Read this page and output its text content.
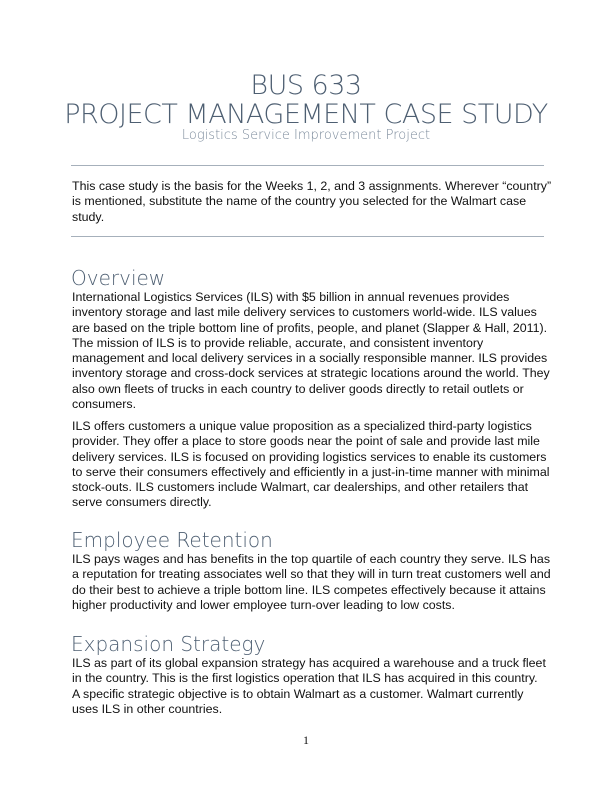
BUS 633
PROJECT MANAGEMENT CASE STUDY
Logistics Service Improvement Project
This case study is the basis for the Weeks 1, 2, and 3 assignments. Wherever “country”
is mentioned, substitute the name of the country you selected for the Walmart case
study.
Overview
International Logistics Services (ILS) with $5 billion in annual revenues provides
inventory storage and last mile delivery services to customers world-wide. ILS values
are based on the triple bottom line of profits, people, and planet (Slapper & Hall, 2011).
The mission of ILS is to provide reliable, accurate, and consistent inventory
management and local delivery services in a socially responsible manner. ILS provides
inventory storage and cross-dock services at strategic locations around the world. They
also own fleets of trucks in each country to deliver goods directly to retail outlets or
consumers.
ILS offers customers a unique value proposition as a specialized third-party logistics
provider. They offer a place to store goods near the point of sale and provide last mile
delivery services. ILS is focused on providing logistics services to enable its customers
to serve their consumers effectively and efficiently in a just-in-time manner with minimal
stock-outs. ILS customers include Walmart, car dealerships, and other retailers that
serve consumers directly.
Employee Retention
ILS pays wages and has benefits in the top quartile of each country they serve. ILS has
a reputation for treating associates well so that they will in turn treat customers well and
do their best to achieve a triple bottom line. ILS competes effectively because it attains
higher productivity and lower employee turn-over leading to low costs.
Expansion Strategy
ILS as part of its global expansion strategy has acquired a warehouse and a truck fleet
in the country. This is the first logistics operation that ILS has acquired in this country.
A specific strategic objective is to obtain Walmart as a customer. Walmart currently
uses ILS in other countries.
1
